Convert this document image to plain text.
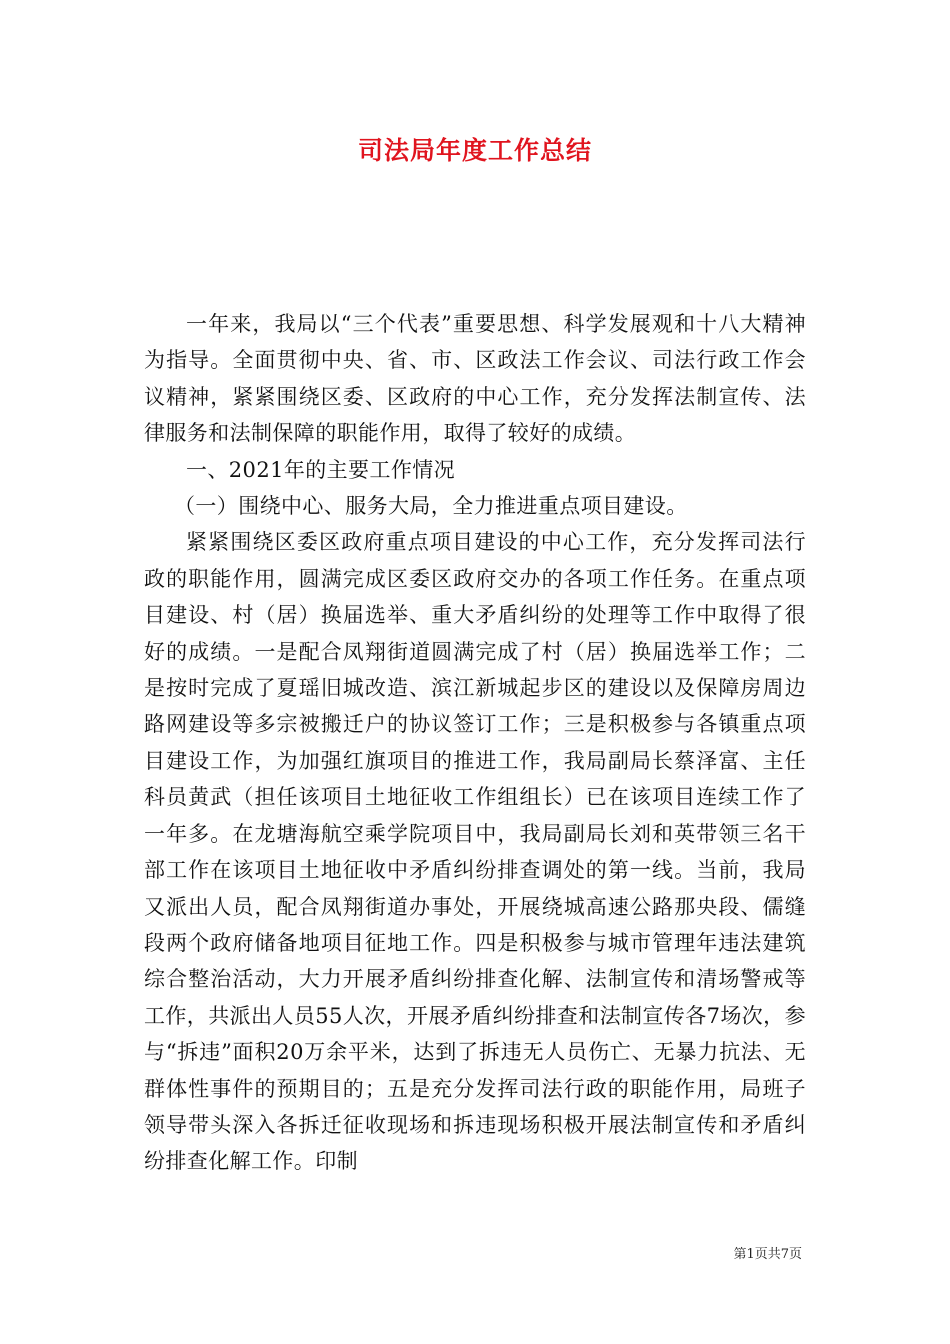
司法局年度工作总结

一年来，我局以“三个代表”重要思想、科学发展观和十八大精神为指导。全面贯彻中央、省、市、区政法工作会议、司法行政工作会议精神，紧紧围绕区委、区政府的中心工作，充分发挥法制宣传、法律服务和法制保障的职能作用，取得了较好的成绩。

一、2021年的主要工作情况

（一）围绕中心、服务大局，全力推进重点项目建设。

紧紧围绕区委区政府重点项目建设的中心工作，充分发挥司法行政的职能作用，圆满完成区委区政府交办的各项工作任务。在重点项目建设、村（居）换届选举、重大矛盾纠纷的处理等工作中取得了很好的成绩。一是配合凤翔街道圆满完成了村（居）换届选举工作；二是按时完成了夏瑶旧城改造、滨江新城起步区的建设以及保障房周边路网建设等多宗被搬迁户的协议签订工作；三是积极参与各镇重点项目建设工作，为加强红旗项目的推进工作，我局副局长蔡泽富、主任科员黄武（担任该项目土地征收工作组组长）已在该项目连续工作了一年多。在龙塘海航空乘学院项目中，我局副局长刘和英带领三名干部工作在该项目土地征收中矛盾纠纷排查调处的第一线。当前，我局又派出人员，配合凤翔街道办事处，开展绕城高速公路那央段、儒缝段两个政府储备地项目征地工作。四是积极参与城市管理年违法建筑综合整治活动，大力开展矛盾纠纷排查化解、法制宣传和清场警戒等工作，共派出人员55人次，开展矛盾纠纷排查和法制宣传各7场次，参与“拆违”面积20万余平米，达到了拆违无人员伤亡、无暴力抗法、无群体性事件的预期目的；五是充分发挥司法行政的职能作用，局班子领导带头深入各拆迁征收现场和拆违现场积极开展法制宣传和矛盾纠纷排查化解工作。印制

第1页共7页
